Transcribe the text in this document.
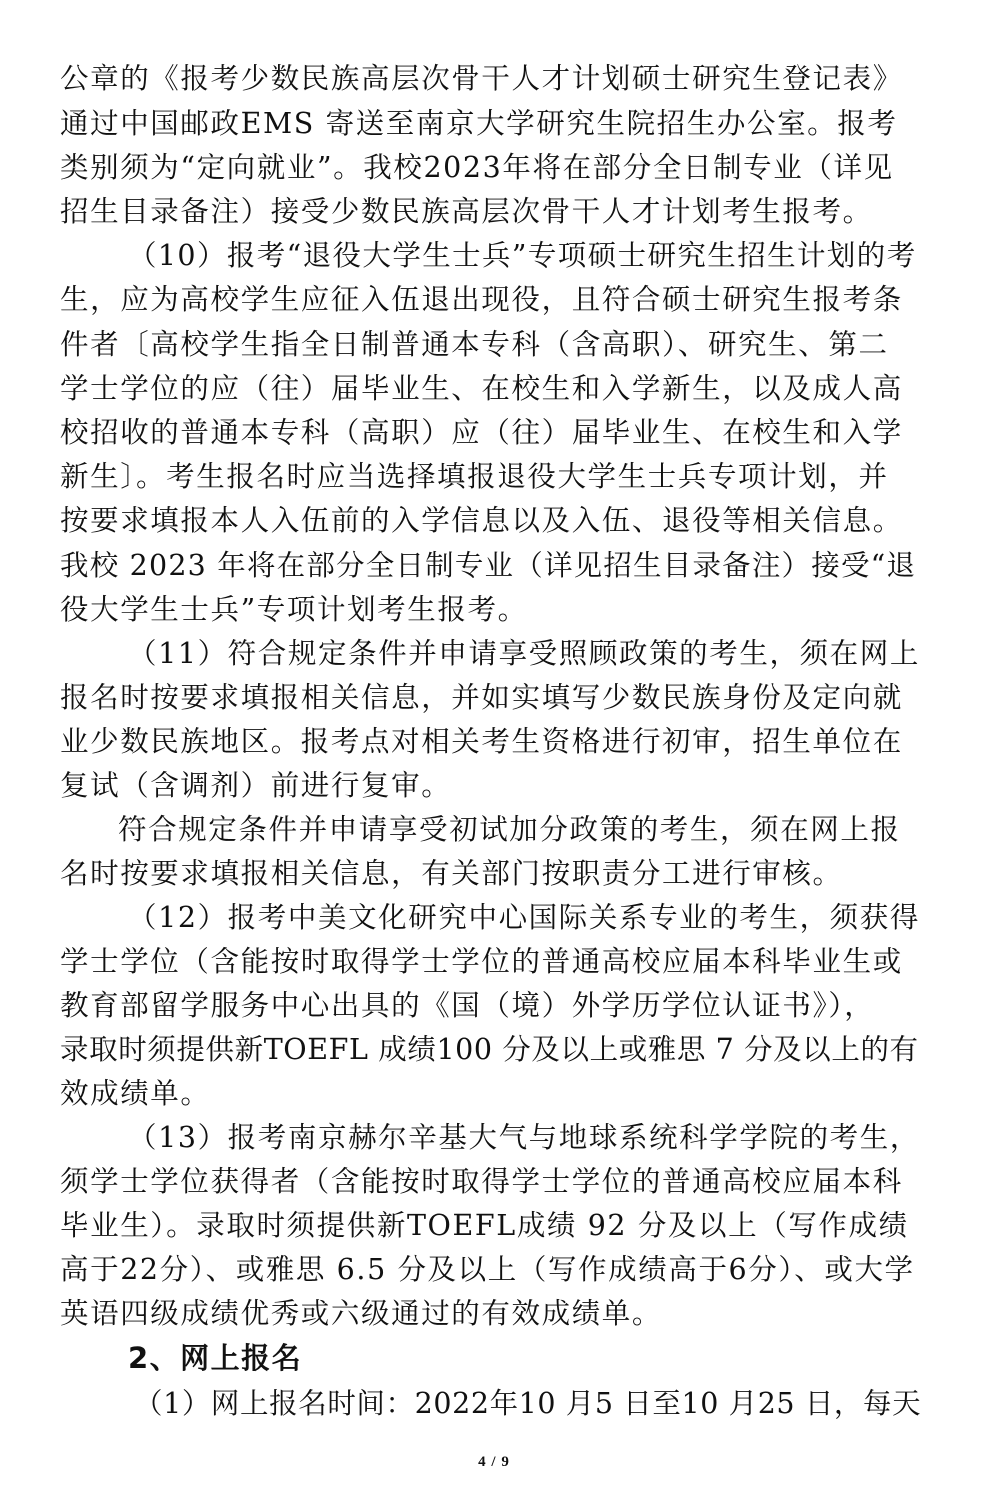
公章的《报考少数民族高层次骨干人才计划硕士研究生登记表》
通过中国邮政EMS 寄送至南京大学研究生院招生办公室。报考
类别须为“定向就业”。我校2023年将在部分全日制专业（详见
招生目录备注）接受少数民族高层次骨干人才计划考生报考。
（10）报考“退役大学生士兵”专项硕士研究生招生计划的考
生，应为高校学生应征入伍退出现役，且符合硕士研究生报考条
件者〔高校学生指全日制普通本专科（含高职）、研究生、第二
学士学位的应（往）届毕业生、在校生和入学新生，以及成人高
校招收的普通本专科（高职）应（往）届毕业生、在校生和入学
新生〕。考生报名时应当选择填报退役大学生士兵专项计划，并
按要求填报本人入伍前的入学信息以及入伍、退役等相关信息。
我校 2023 年将在部分全日制专业（详见招生目录备注）接受“退
役大学生士兵”专项计划考生报考。
（11）符合规定条件并申请享受照顾政策的考生，须在网上
报名时按要求填报相关信息，并如实填写少数民族身份及定向就
业少数民族地区。报考点对相关考生资格进行初审，招生单位在
复试（含调剂）前进行复审。
符合规定条件并申请享受初试加分政策的考生，须在网上报
名时按要求填报相关信息，有关部门按职责分工进行审核。
（12）报考中美文化研究中心国际关系专业的考生，须获得
学士学位（含能按时取得学士学位的普通高校应届本科毕业生或
教育部留学服务中心出具的《国（境）外学历学位认证书》），
录取时须提供新TOEFL 成绩100 分及以上或雅思 7 分及以上的有
效成绩单。
（13）报考南京赫尔辛基大气与地球系统科学学院的考生，
须学士学位获得者（含能按时取得学士学位的普通高校应届本科
毕业生）。录取时须提供新TOEFL成绩 92 分及以上（写作成绩
高于22分）、或雅思 6.5 分及以上（写作成绩高于6分）、或大学
英语四级成绩优秀或六级通过的有效成绩单。
2、网上报名
（1）网上报名时间：2022年10 月5 日至10 月25 日，每天
4 / 9
